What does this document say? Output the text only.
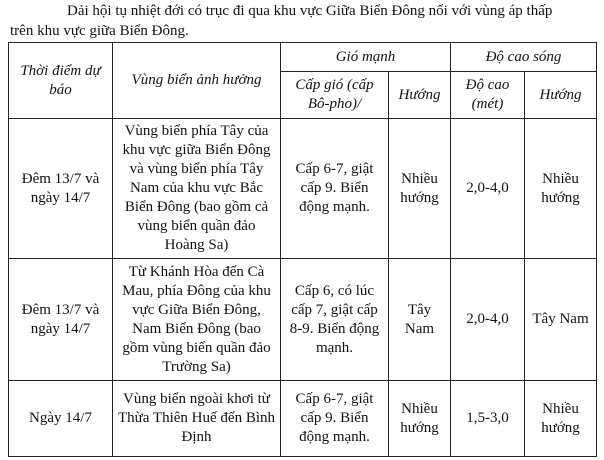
Dải hội tụ nhiệt đới có trục đi qua khu vực Giữa Biển Đông nối với vùng áp thấp

trên khu vực giữa Biển Đông.

Thời điểm dự báo	Vùng biển ảnh hưởng	Gió mạnh		Độ cao sóng	
		Cấp gió (cấp Bô-pho)/	Hướng	Độ cao (mét)	Hướng
Đêm 13/7 và ngày 14/7	Vùng biển phía Tây của khu vực giữa Biển Đông và vùng biển phía Tây Nam của khu vực Bắc Biển Đông (bao gồm cả vùng biển quần đảo Hoàng Sa)	Cấp 6-7, giật cấp 9. Biển động mạnh.	Nhiều hướng	2,0-4,0	Nhiều hướng
Đêm 13/7 và ngày 14/7	Từ Khánh Hòa đến Cà Mau, phía Đông của khu vực Giữa Biển Đông, Nam Biển Đông (bao gồm vùng biển quần đảo Trường Sa)	Cấp 6, có lúc cấp 7, giật cấp 8-9. Biển động mạnh.	Tây Nam	2,0-4,0	Tây Nam
Ngày 14/7	Vùng biển ngoài khơi từ Thừa Thiên Huế đến Bình Định	Cấp 6-7, giật cấp 9. Biển động mạnh.	Nhiều hướng	1,5-3,0	Nhiều hướng
